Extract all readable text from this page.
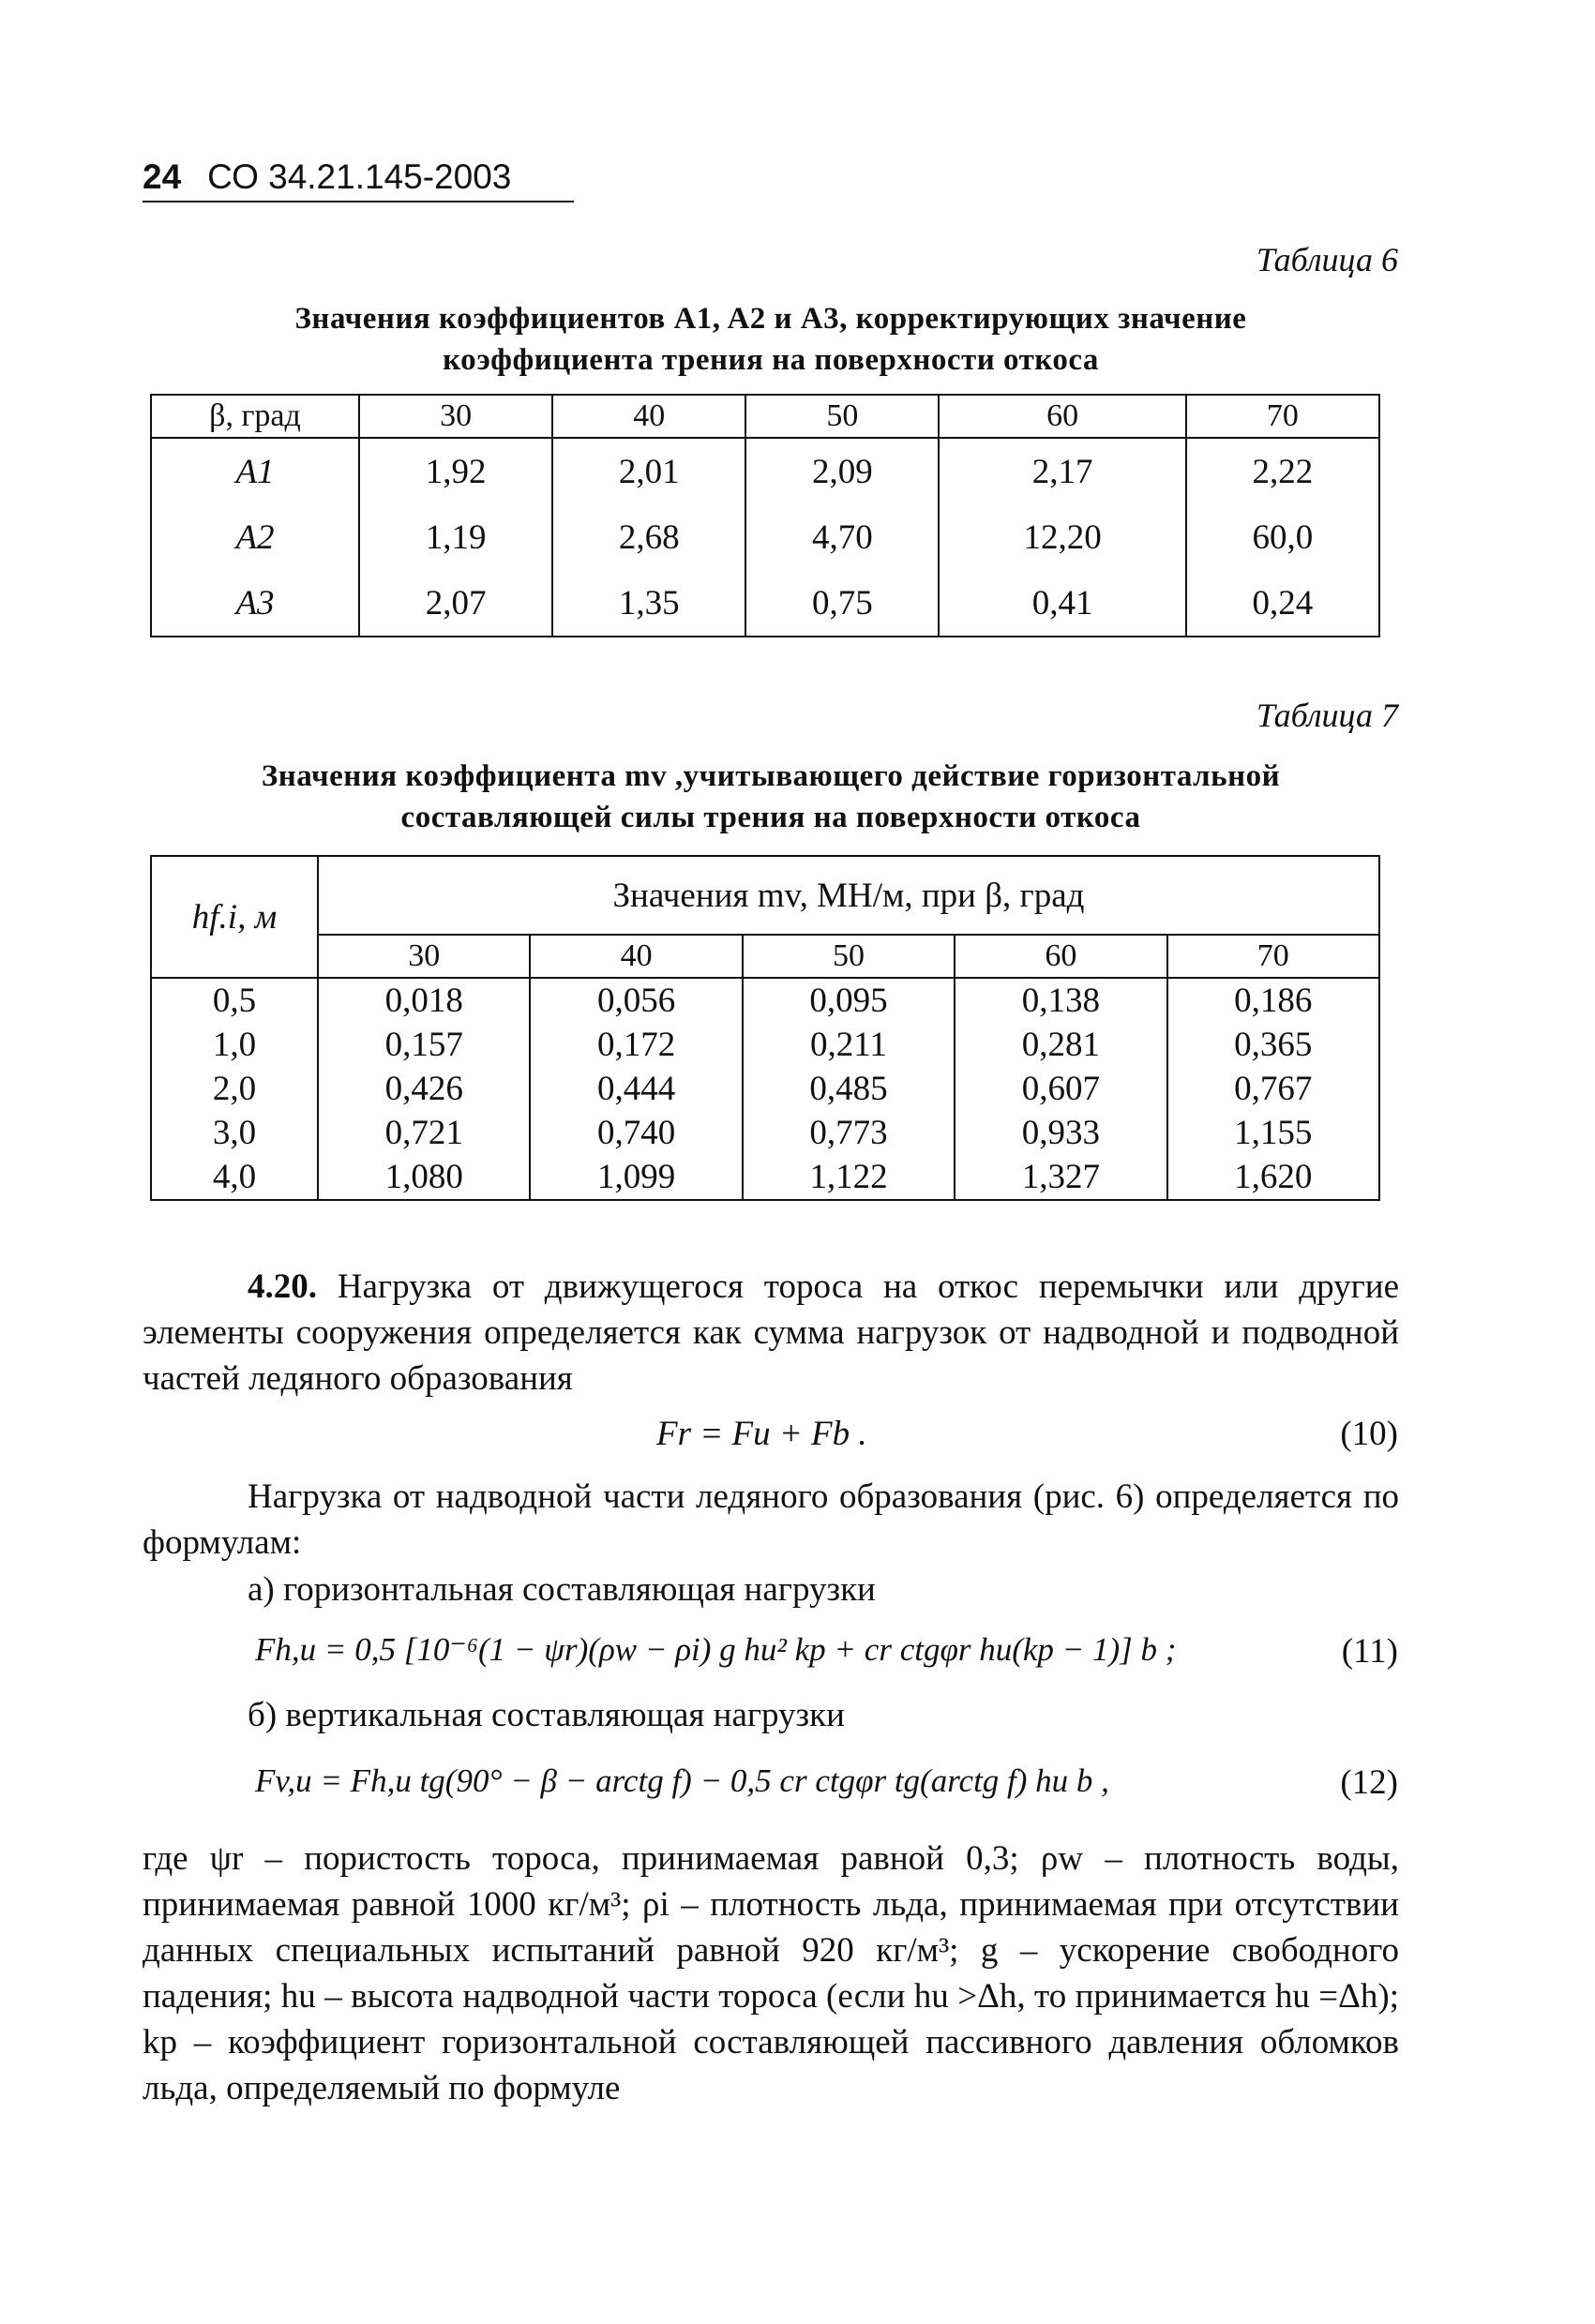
24 СО 34.21.145-2003
Таблица 6
Значения коэффициентов A1, A2 и A3, корректирующих значение
коэффициента трения на поверхности откоса
β, град	30	40	50	60	70
A1	1,92	2,01	2,09	2,17	2,22
A2	1,19	2,68	4,70	12,20	60,0
A3	2,07	1,35	0,75	0,41	0,24
Таблица 7
Значения коэффициента mv ,учитывающего действие горизонтальной
составляющей силы трения на поверхности откоса
hf.i, м	Значения mv, МН/м, при β, град				
	30	40	50	60	70
0,5	0,018	0,056	0,095	0,138	0,186
1,0	0,157	0,172	0,211	0,281	0,365
2,0	0,426	0,444	0,485	0,607	0,767
3,0	0,721	0,740	0,773	0,933	1,155
4,0	1,080	1,099	1,122	1,327	1,620
4.20. Нагрузка от движущегося тороса на откос перемычки или другие элементы сооружения определяется как сумма нагрузок от надводной и подводной частей ледяного образования
Fr = Fu + Fb .	(10)
Нагрузка от надводной части ледяного образования (рис. 6) определяется по формулам:
а) горизонтальная составляющая нагрузки
Fh,u = 0,5 [10⁻⁶(1 − ψr)(ρw − ρi) g hu² kp + cr ctgφr hu(kp − 1)] b ;	(11)
б) вертикальная составляющая нагрузки
Fv,u = Fh,u tg(90° − β − arctg f) − 0,5 cr ctgφr tg(arctg f) hu b ,	(12)
где ψr – пористость тороса, принимаемая равной 0,3; ρw – плотность воды, принимаемая равной 1000 кг/м³; ρi – плотность льда, принимаемая при отсутствии данных специальных испытаний равной 920 кг/м³; g – ускорение свободного падения; hu – высота надводной части тороса (если hu >Δh, то принимается hu =Δh); kp – коэффициент горизонтальной составляющей пассивного давления обломков льда, определяемый по формуле
